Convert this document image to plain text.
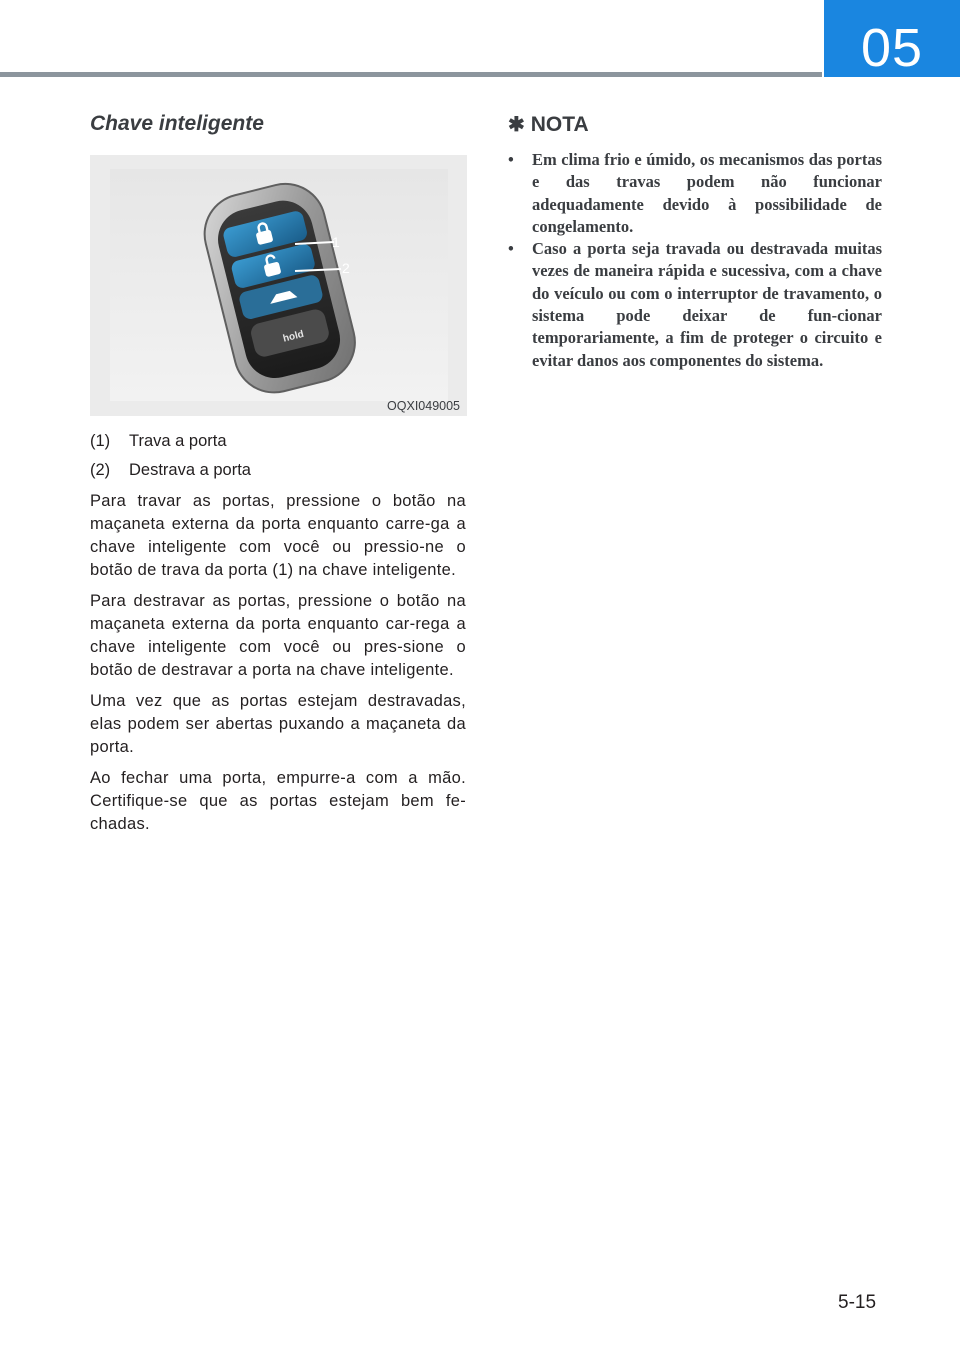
05
Chave inteligente
hold
1
2
OQXI049005
(1)	Trava a porta
(2)	Destrava a porta

Para travar as portas, pressione o botão na maçaneta externa da porta enquanto carre-ga a chave inteligente com você ou pressio-ne o botão de trava da porta (1) na chave inteligente.

Para destravar as portas, pressione o botão na maçaneta externa da porta enquanto car-rega a chave inteligente com você ou pres-sione o botão de destravar a porta na chave inteligente.

Uma vez que as portas estejam destravadas, elas podem ser abertas puxando a maçaneta da porta.

Ao fechar uma porta, empurre-a com a mão. Certifique-se que as portas estejam bem fe-chadas.

✱ NOTA
• Em clima frio e úmido, os mecanismos das portas e das travas podem não funcionar adequadamente devido à possibilidade de congelamento.
• Caso a porta seja travada ou destravada muitas vezes de maneira rápida e sucessiva, com a chave do veículo ou com o interruptor de travamento, o sistema pode deixar de fun-cionar temporariamente, a fim de proteger o circuito e evitar danos aos componentes do sistema.
5-15
